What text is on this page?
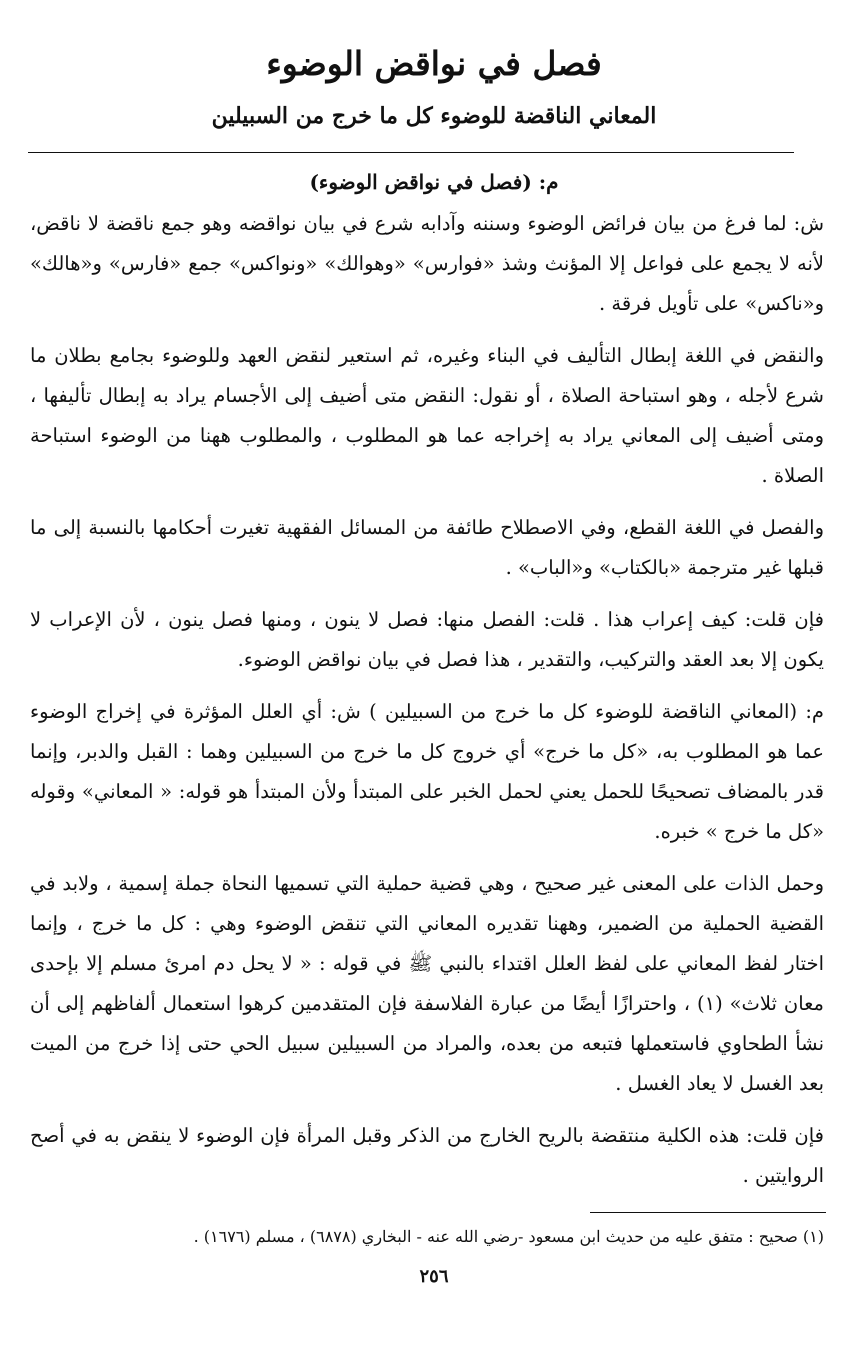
فصل في نواقض الوضوء
المعاني الناقضة للوضوء كل ما خرج من السبيلين
م: (فصل في نواقض الوضوء)

ش: لما فرغ من بيان فرائض الوضوء وسننه وآدابه شرع في بيان نواقضه وهو جمع ناقضة لا ناقض، لأنه لا يجمع على فواعل إلا المؤنث وشذ «فوارس» «وهوالك» «ونواكس» جمع «فارس» و«هالك» و«ناكس» على تأويل فرقة .

والنقض في اللغة إبطال التأليف في البناء وغيره، ثم استعير لنقض العهد وللوضوء بجامع بطلان ما شرع لأجله ، وهو استباحة الصلاة ، أو نقول: النقض متى أضيف إلى الأجسام يراد به إبطال تأليفها ، ومتى أضيف إلى المعاني يراد به إخراجه عما هو المطلوب ، والمطلوب ههنا من الوضوء استباحة الصلاة .

والفصل في اللغة القطع، وفي الاصطلاح طائفة من المسائل الفقهية تغيرت أحكامها بالنسبة إلى ما قبلها غير مترجمة «بالكتاب» و«الباب» .

فإن قلت: كيف إعراب هذا . قلت: الفصل منها: فصل لا ينون ، ومنها فصل ينون ، لأن الإعراب لا يكون إلا بعد العقد والتركيب، والتقدير ، هذا فصل في بيان نواقض الوضوء.

م: (المعاني الناقضة للوضوء كل ما خرج من السبيلين ) ش: أي العلل المؤثرة في إخراج الوضوء عما هو المطلوب به، «كل ما خرج» أي خروج كل ما خرج من السبيلين وهما : القبل والدبر، وإنما قدر بالمضاف تصحيحًا للحمل يعني لحمل الخبر على المبتدأ ولأن المبتدأ هو قوله: « المعاني» وقوله «كل ما خرج » خبره.

وحمل الذات على المعنى غير صحيح ، وهي قضية حملية التي تسميها النحاة جملة إسمية ، ولابد في القضية الحملية من الضمير، وههنا تقديره المعاني التي تنقض الوضوء وهي : كل ما خرج ، وإنما اختار لفظ المعاني على لفظ العلل اقتداء بالنبي ﷺ في قوله : « لا يحل دم امرئ مسلم إلا بإحدى معان ثلاث» (١) ، واحترازًا أيضًا من عبارة الفلاسفة فإن المتقدمين كرهوا استعمال ألفاظهم إلى أن نشأ الطحاوي فاستعملها فتبعه من بعده، والمراد من السبيلين سبيل الحي حتى إذا خرج من الميت بعد الغسل لا يعاد الغسل .

فإن قلت: هذه الكلية منتقضة بالريح الخارج من الذكر وقبل المرأة فإن الوضوء لا ينقض به في أصح الروايتين .

(١) صحيح : متفق عليه من حديث ابن مسعود -رضي الله عنه - البخاري (٦٨٧٨) ، مسلم (١٦٧٦) .
٢٥٦
